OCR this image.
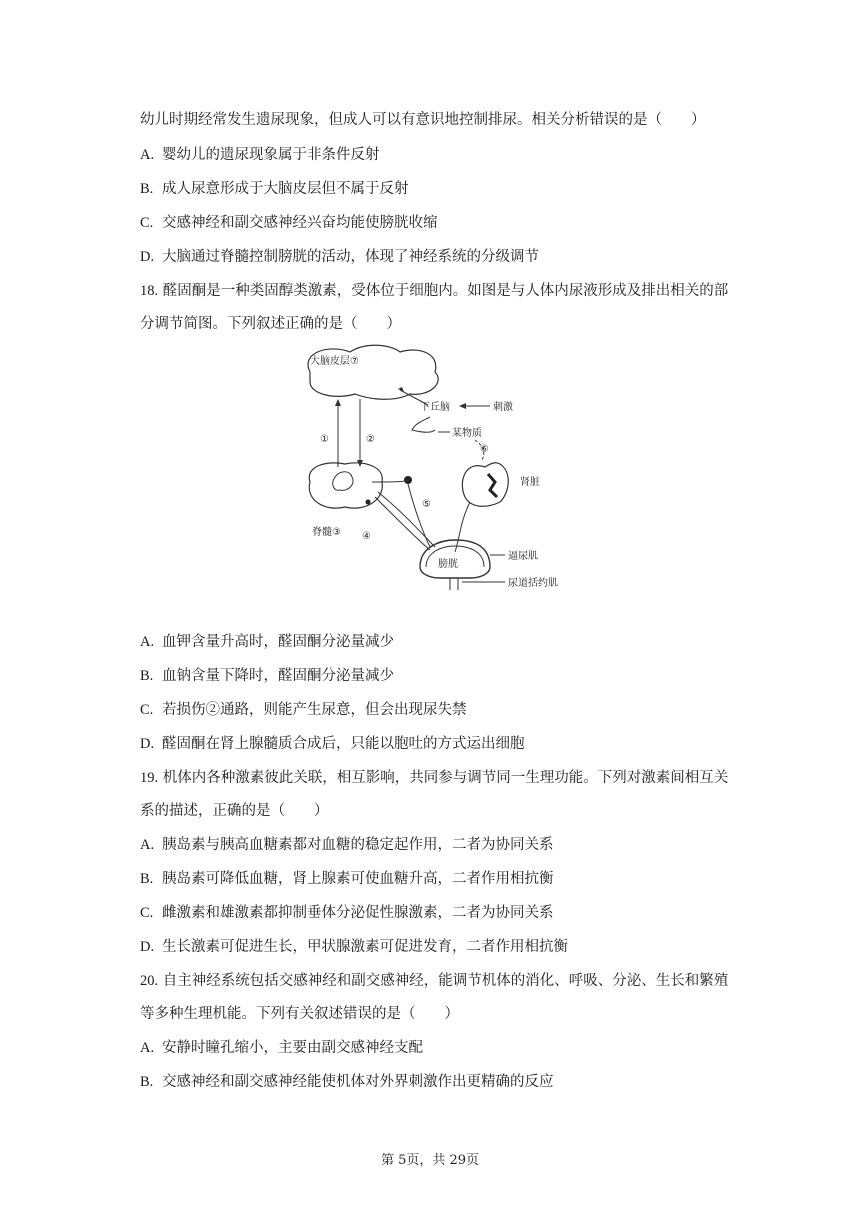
幼儿时期经常发生遗尿现象，但成人可以有意识地控制排尿。相关分析错误的是（　　）
A. 婴幼儿的遗尿现象属于非条件反射
B. 成人尿意形成于大脑皮层但不属于反射
C. 交感神经和副交感神经兴奋均能使膀胱收缩
D. 大脑通过脊髓控制膀胱的活动，体现了神经系统的分级调节
18. 醛固酮是一种类固醇类激素，受体位于细胞内。如图是与人体内尿液形成及排出相关的部
分调节简图。下列叙述正确的是（　　）
大脑皮层⑦
①	②
下丘脑	刺激
某物质
⑥
肾脏
脊髓③
⑤
④
膀胱
逼尿肌
尿道括约肌
A. 血钾含量升高时，醛固酮分泌量减少
B. 血钠含量下降时，醛固酮分泌量减少
C. 若损伤②通路，则能产生尿意，但会出现尿失禁
D. 醛固酮在肾上腺髓质合成后，只能以胞吐的方式运出细胞
19. 机体内各种激素彼此关联，相互影响，共同参与调节同一生理功能。下列对激素间相互关
系的描述，正确的是（　　）
A. 胰岛素与胰高血糖素都对血糖的稳定起作用，二者为协同关系
B. 胰岛素可降低血糖，肾上腺素可使血糖升高，二者作用相抗衡
C. 雌激素和雄激素都抑制垂体分泌促性腺激素，二者为协同关系
D. 生长激素可促进生长，甲状腺激素可促进发育，二者作用相抗衡
20. 自主神经系统包括交感神经和副交感神经，能调节机体的消化、呼吸、分泌、生长和繁殖
等多种生理机能。下列有关叙述错误的是（　　）
A. 安静时瞳孔缩小，主要由副交感神经支配
B. 交感神经和副交感神经能使机体对外界刺激作出更精确的反应
第 5页，共 29页
